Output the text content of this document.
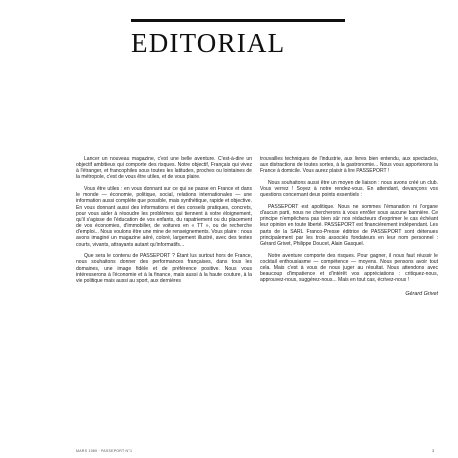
EDITORIAL

Lancer un nouveau magazine, c'est une belle aventure. C'est-à-dire un objectif ambitieux qui comporte des risques. Notre objectif, Français qui vivez à l'étranger, et francophiles sous toutes les latitudes, proches ou lointaines de la métropole, c'est de vous être utiles, et de vous plaire.

Vous être utiles : en vous donnant sur ce qui se passe en France et dans le monde — économie, politique, social, relations internationales — une information aussi complète que possible, mais synthétique, rapide et objective. En vous donnant aussi des informations et des conseils pratiques, concrets, pour vous aider à résoudre les problèmes qui tiennent à votre éloignement, qu'il s'agisse de l'éducation de vos enfants, du rapatriement ou du placement de vos économies, d'immobilier, de voitures en « TT », ou de recherche d'emploi... Nous voulons être une mine de renseignements. Vous plaire : nous avons imaginé un magazine aéré, coloré, largement illustré, avec des textes courts, vivants, attrayants autant qu'informatifs...

Que sera le contenu de PASSEPORT ? Étant lus surtout hors de France, nous souhaitons donner des performances françaises, dans tous les domaines, une image fidèle et de préférence positive. Nous vous intéresserons à l'économie et à la finance, mais aussi à la haute couture, à la vie politique mais aussi au sport, aux dernières

trouvailles techniques de l'industrie, aux livres bien entendu, aux spectacles, aux distractions de toutes sortes, à la gastronomie... Nous vous apporterons la France à domicile. Vous aurez plaisir à lire PASSEPORT !

Nous souhaitons aussi être un moyen de liaison : nous avons créé un club. Vous verrez ! Soyez à notre rendez-vous. En attendant, devançons vos questions concernant deux points essentiels :

PASSEPORT est apolitique. Nous ne sommes l'émanation ni l'organe d'aucun parti, nous ne chercherons à vous enrôler sous aucune bannière. Ce principe n'empêchera pas bien sûr nos rédacteurs d'exprimer le cas échéant leur opinion en toute liberté. PASSEPORT est financièrement indépendant. Les parts de la SARL Franco-Presse éditrice de PASSEPORT sont détenues principalement par les trois associés fondateurs en leur nom personnel : Gérard Grivet, Philippe Doucet, Alain Gasquel.

Notre aventure comporte des risques. Pour gagner, il nous faut réussir le cocktail enthousiasme — compétence — moyens. Nous pensons avoir tout cela. Mais c'est à vous de nous juger au résultat. Nous attendons avec beaucoup d'impatience et d'intérêt vos appréciations : critiquez-nous, approuvez-nous, suggérez-nous... Mais en tout cas, écrivez-nous !

Gérard Grivet
MARS 1989 · PASSEPORT N°1	3
